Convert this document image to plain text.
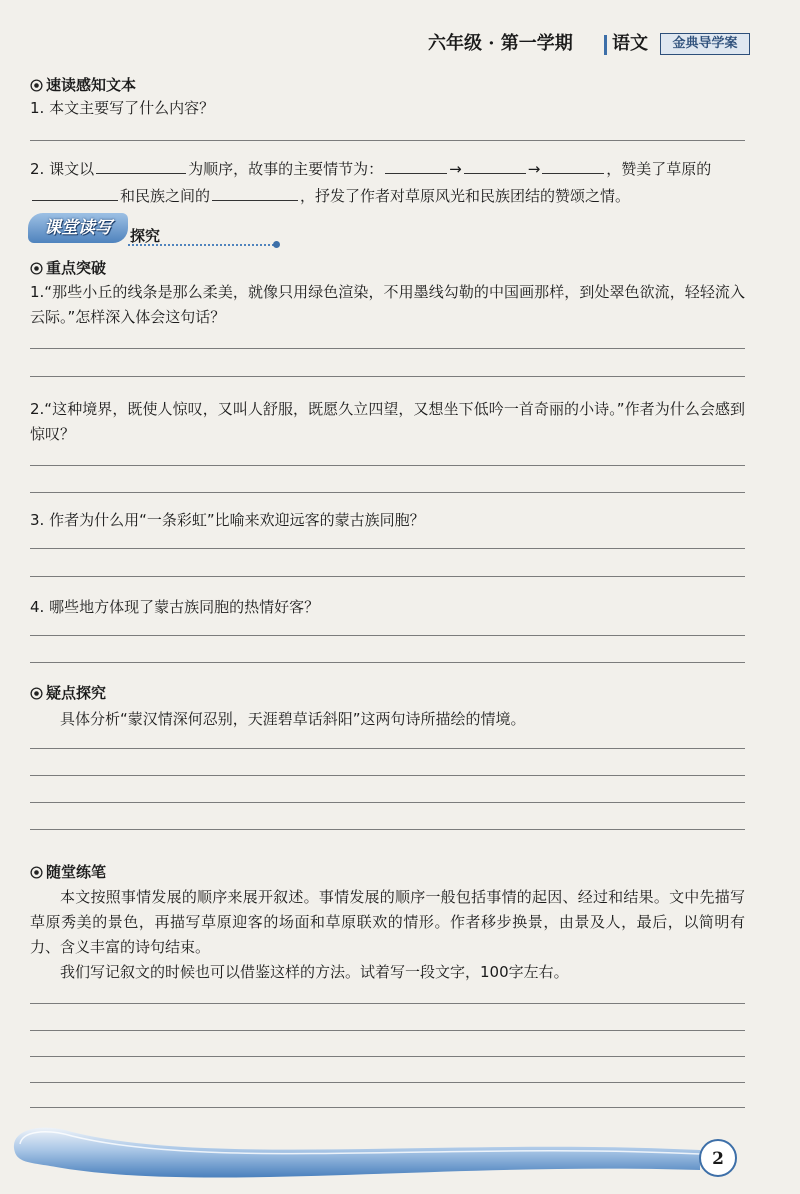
六年级 · 第一学期 语文	金典导学案
速读感知文本
1. 本文主要写了什么内容？
2. 课文以	为顺序，故事的主要情节为：	→	→	，赞美了草原的
和民族之间的	，抒发了作者对草原风光和民族团结的赞颂之情。
课堂读写	探究
重点突破
1.“那些小丘的线条是那么柔美，就像只用绿色渲染，不用墨线勾勒的中国画那样，到处翠色欲流，轻轻流入云际。”怎样深入体会这句话？
2.“这种境界，既使人惊叹，又叫人舒服，既愿久立四望，又想坐下低吟一首奇丽的小诗。”作者为什么会感到惊叹？
3. 作者为什么用“一条彩虹”比喻来欢迎远客的蒙古族同胞？
4. 哪些地方体现了蒙古族同胞的热情好客？
疑点探究
具体分析“蒙汉情深何忍别，天涯碧草话斜阳”这两句诗所描绘的情境。
随堂练笔
本文按照事情发展的顺序来展开叙述。事情发展的顺序一般包括事情的起因、经过和结果。文中先描写草原秀美的景色，再描写草原迎客的场面和草原联欢的情形。作者移步换景，由景及人，最后，以简明有力、含义丰富的诗句结束。
我们写记叙文的时候也可以借鉴这样的方法。试着写一段文字，100字左右。
2
